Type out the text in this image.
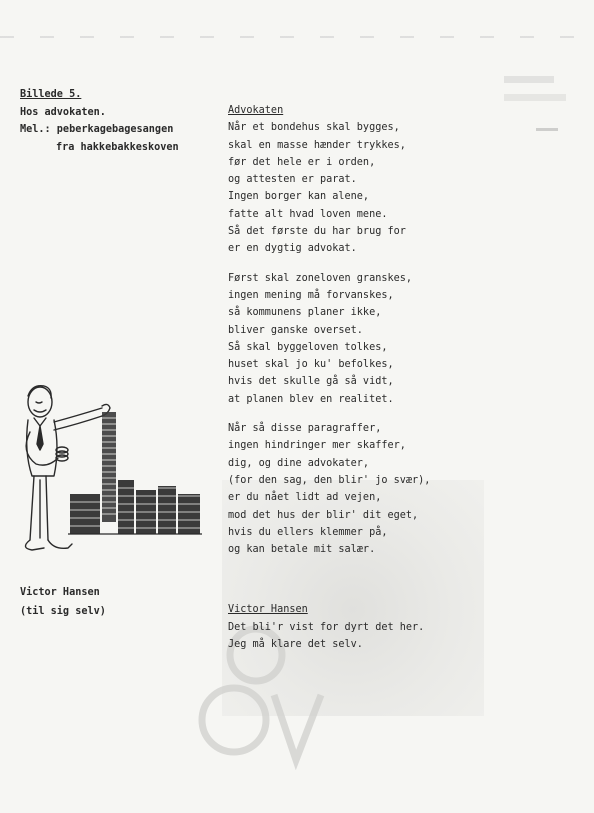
Billede 5.
Hos advokaten.
Mel.: peberkagebagesangen
fra hakkebakkeskoven
Advokaten
Når et bondehus skal bygges,
skal en masse hænder trykkes,
før det hele er i orden,
og attesten er parat.
Ingen borger kan alene,
fatte alt hvad loven mene.
Så det første du har brug for
er en dygtig advokat.
Først skal zoneloven granskes,
ingen mening må forvanskes,
så kommunens planer ikke,
bliver ganske overset.
Så skal byggeloven tolkes,
huset skal jo ku' befolkes,
hvis det skulle gå så vidt,
at planen blev en realitet.
Når så disse paragraffer,
ingen hindringer mer skaffer,
dig, og dine advokater,
(for den sag, den blir' jo svær),
er du nået lidt ad vejen,
mod det hus der blir' dit eget,
hvis du ellers klemmer på,
og kan betale mit salær.
Victor Hansen
(til sig selv)	Victor Hansen
Det bli'r vist for dyrt det her.
Jeg må klare det selv.
